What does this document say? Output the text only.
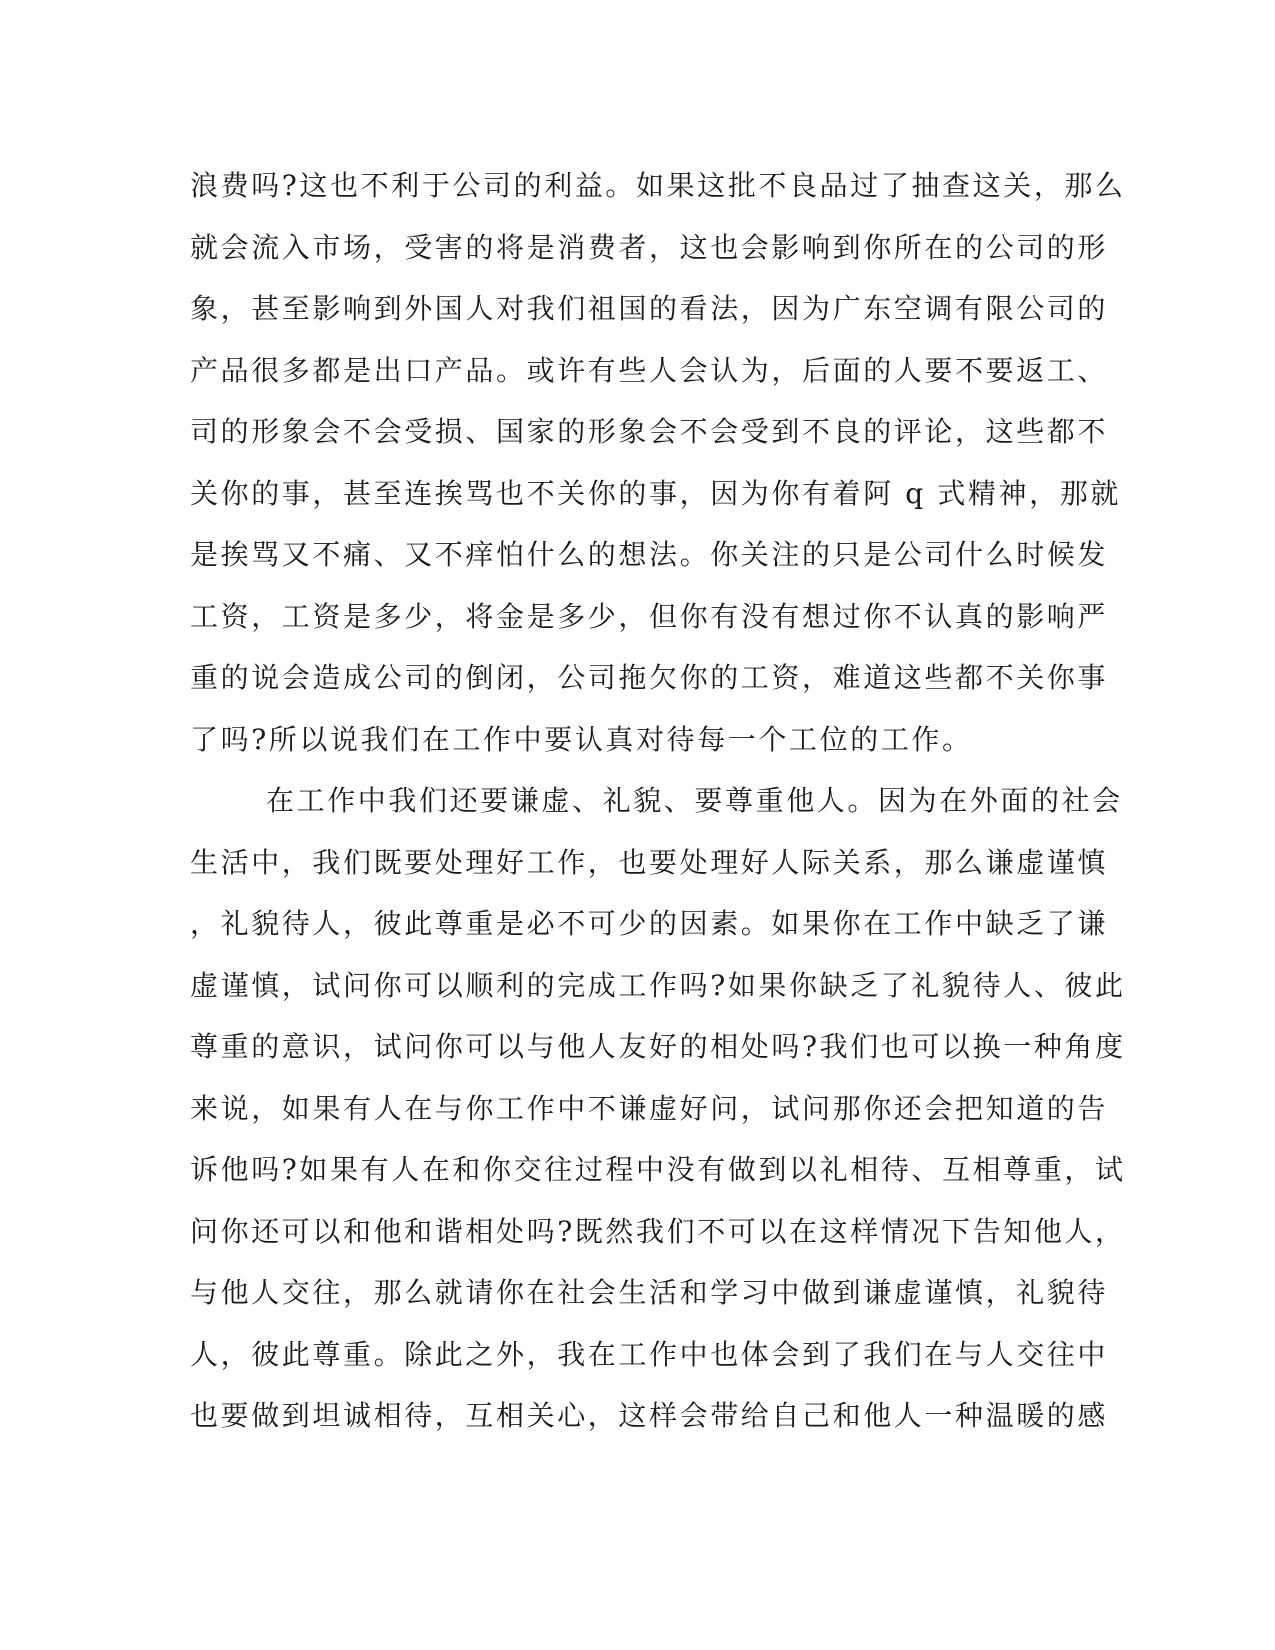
浪费吗?这也不利于公司的利益。如果这批不良品过了抽查这关，那么
就会流入市场，受害的将是消费者，这也会影响到你所在的公司的形
象，甚至影响到外国人对我们祖国的看法，因为广东空调有限公司的
产品很多都是出口产品。或许有些人会认为，后面的人要不要返工、
司的形象会不会受损、国家的形象会不会受到不良的评论，这些都不
关你的事，甚至连挨骂也不关你的事，因为你有着阿 q 式精神，那就
是挨骂又不痛、又不痒怕什么的想法。你关注的只是公司什么时候发
工资，工资是多少，将金是多少，但你有没有想过你不认真的影响严
重的说会造成公司的倒闭，公司拖欠你的工资，难道这些都不关你事
了吗?所以说我们在工作中要认真对待每一个工位的工作。
在工作中我们还要谦虚、礼貌、要尊重他人。因为在外面的社会
生活中，我们既要处理好工作，也要处理好人际关系，那么谦虚谨慎
，礼貌待人，彼此尊重是必不可少的因素。如果你在工作中缺乏了谦
虚谨慎，试问你可以顺利的完成工作吗?如果你缺乏了礼貌待人、彼此
尊重的意识，试问你可以与他人友好的相处吗?我们也可以换一种角度
来说，如果有人在与你工作中不谦虚好问，试问那你还会把知道的告
诉他吗?如果有人在和你交往过程中没有做到以礼相待、互相尊重，试
问你还可以和他和谐相处吗?既然我们不可以在这样情况下告知他人，
与他人交往，那么就请你在社会生活和学习中做到谦虚谨慎，礼貌待
人，彼此尊重。除此之外，我在工作中也体会到了我们在与人交往中
也要做到坦诚相待，互相关心，这样会带给自己和他人一种温暖的感
